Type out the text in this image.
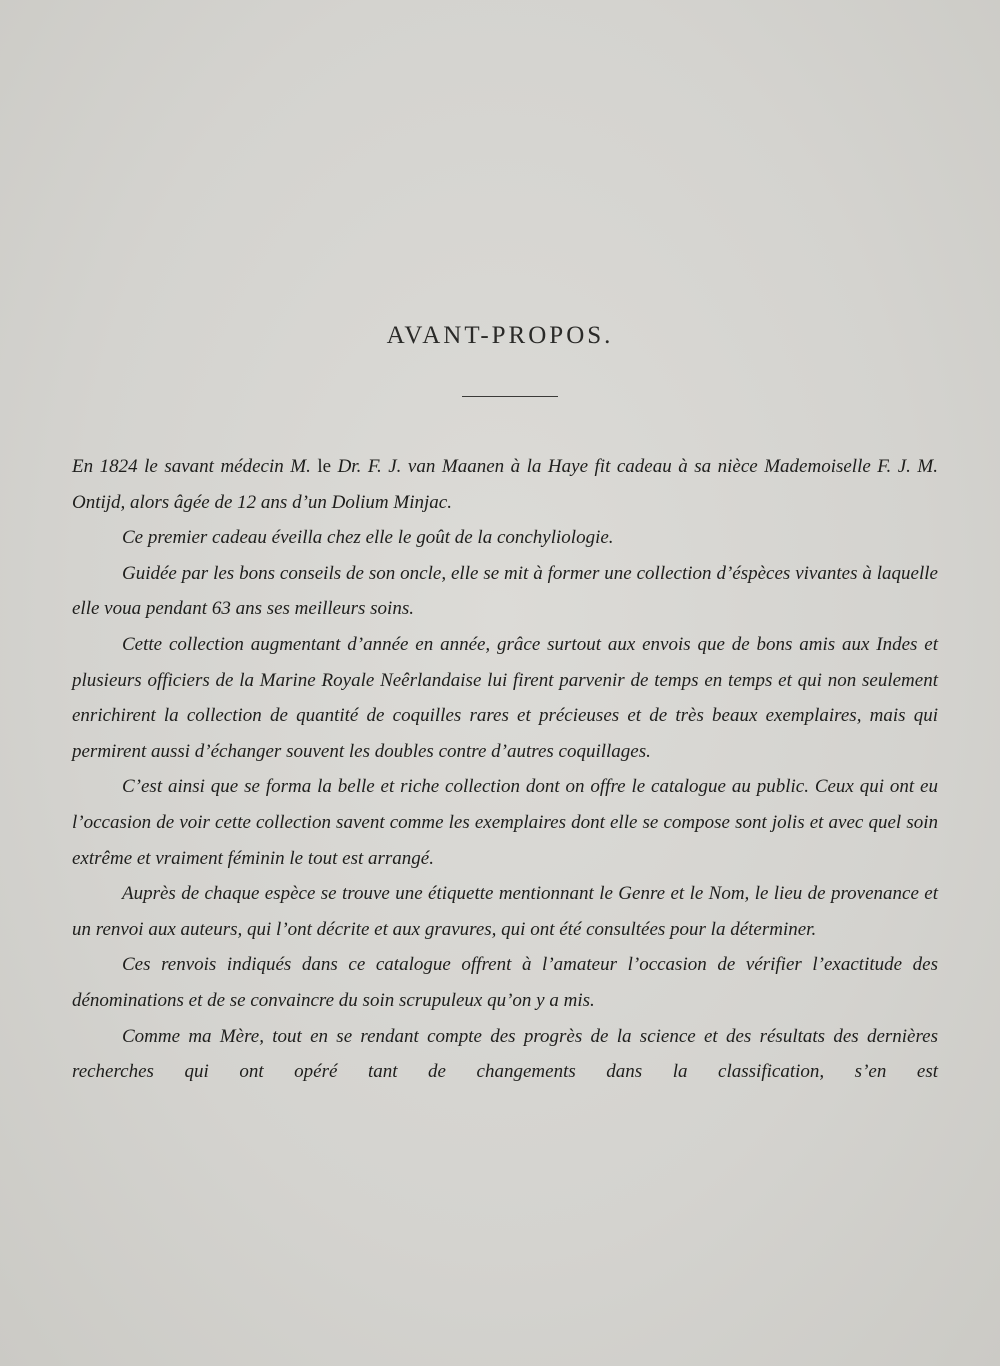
AVANT-PROPOS.

En 1824 le savant médecin M. le Dr. F. J. van Maanen à la Haye fit cadeau à sa nièce Mademoiselle F. J. M. Ontijd, alors âgée de 12 ans d’un Dolium Minjac.

Ce premier cadeau éveilla chez elle le goût de la conchyliologie.

Guidée par les bons conseils de son oncle, elle se mit à former une collection d’éspèces vivantes à laquelle elle voua pendant 63 ans ses meilleurs soins.

Cette collection augmentant d’année en année, grâce surtout aux envois que de bons amis aux Indes et plusieurs officiers de la Marine Royale Neêrlandaise lui firent parvenir de temps en temps et qui non seulement enrichirent la collection de quantité de coquilles rares et précieuses et de très beaux exemplaires, mais qui permirent aussi d’échanger souvent les doubles contre d’autres coquillages.

C’est ainsi que se forma la belle et riche collection dont on offre le catalogue au public. Ceux qui ont eu l’occasion de voir cette collection savent comme les exemplaires dont elle se compose sont jolis et avec quel soin extrême et vraiment féminin le tout est arrangé.

Auprès de chaque espèce se trouve une étiquette mentionnant le Genre et le Nom, le lieu de provenance et un renvoi aux auteurs, qui l’ont décrite et aux gravures, qui ont été consultées pour la déterminer.

Ces renvois indiqués dans ce catalogue offrent à l’amateur l’occasion de vérifier l’exactitude des dénominations et de se convaincre du soin scrupuleux qu’on y a mis.

Comme ma Mère, tout en se rendant compte des progrès de la science et des résultats des dernières recherches qui ont opéré tant de changements dans la classification, s’en est
